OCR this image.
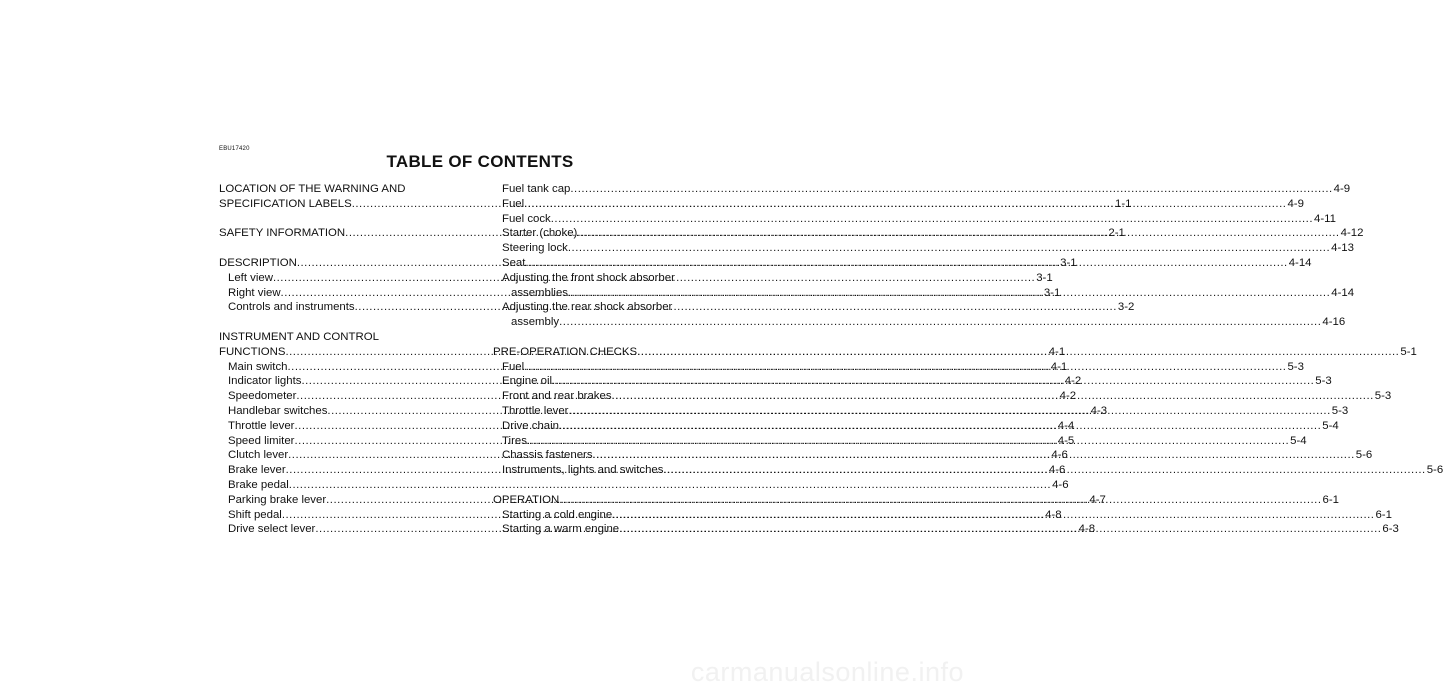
EBU17420
TABLE OF CONTENTS
LOCATION OF THE WARNING AND
SPECIFICATION LABELS .....	1-1
SAFETY INFORMATION .....	2-1
DESCRIPTION .....	3-1
Left view .....	3-1
Right view .....	3-1
Controls and instruments .....	3-2
INSTRUMENT AND CONTROL
FUNCTIONS .....	4-1
Main switch .....	4-1
Indicator lights .....	4-2
Speedometer .....	4-2
Handlebar switches .....	4-3
Throttle lever .....	4-4
Speed limiter .....	4-5
Clutch lever .....	4-6
Brake lever .....	4-6
Brake pedal .....	4-6
Parking brake lever .....	4-7
Shift pedal .....	4-8
Drive select lever .....	4-8
Fuel tank cap .....	4-9
Fuel .....	4-9
Fuel cock .....	4-11
Starter (choke) .....	4-12
Steering lock .....	4-13
Seat .....	4-14
Adjusting the front shock absorber
assemblies .....	4-14
Adjusting the rear shock absorber
assembly .....	4-16
PRE-OPERATION CHECKS .....	5-1
Fuel .....	5-3
Engine oil .....	5-3
Front and rear brakes .....	5-3
Throttle lever .....	5-3
Drive chain .....	5-4
Tires .....	5-4
Chassis fasteners .....	5-6
Instruments, lights and switches .....	5-6
OPERATION .....	6-1
Starting a cold engine .....	6-1
Starting a warm engine .....	6-3
carmanualsonline.info
